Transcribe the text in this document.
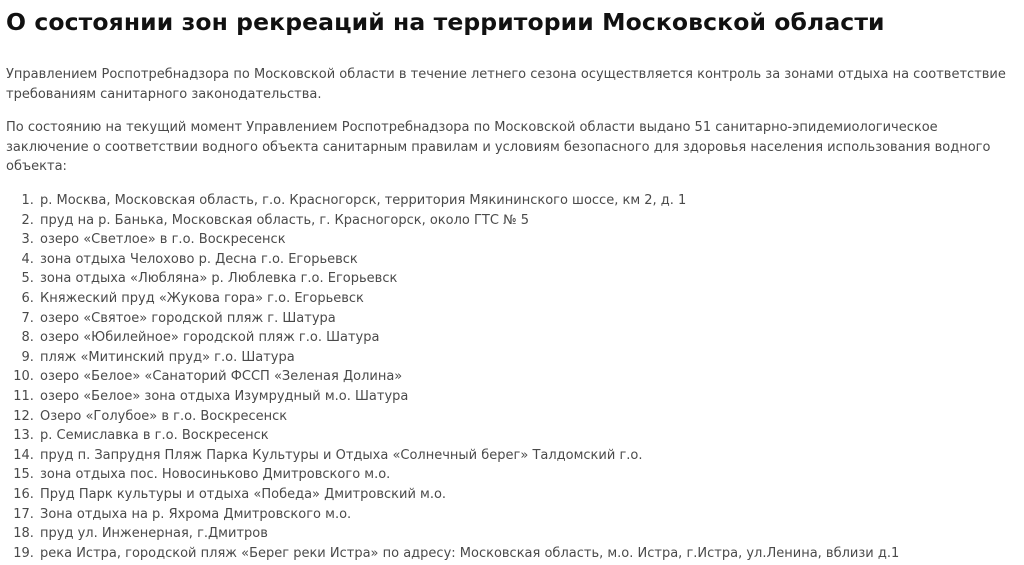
О состоянии зон рекреаций на территории Московской области

Управлением Роспотребнадзора по Московской области в течение летнего сезона осуществляется контроль за зонами отдыха на соответствие требованиям санитарного законодательства.

По состоянию на текущий момент Управлением Роспотребнадзора по Московской области выдано 51 санитарно-эпидемиологическое заключение о соответствии водного объекта санитарным правилам и условиям безопасного для здоровья населения использования водного объекта:

1. р. Москва, Московская область, г.о. Красногорск, территория Мякининского шоссе, км 2, д. 1
2. пруд на р. Банька, Московская область, г. Красногорск, около ГТС № 5
3. озеро «Светлое» в г.о. Воскресенск
4. зона отдыха Челохово р. Десна г.о. Егорьевск
5. зона отдыха «Любляна» р. Люблевка г.о. Егорьевск
6. Княжеский пруд «Жукова гора» г.о. Егорьевск
7. озеро «Святое» городской пляж г. Шатура
8. озеро «Юбилейное» городской пляж г.о. Шатура
9. пляж «Митинский пруд» г.о. Шатура
10. озеро «Белое» «Санаторий ФССП «Зеленая Долина»
11. озеро «Белое» зона отдыха Изумрудный м.о. Шатура
12. Озеро «Голубое» в г.о. Воскресенск
13. р. Семиславка в г.о. Воскресенск
14. пруд п. Запрудня Пляж Парка Культуры и Отдыха «Солнечный берег» Талдомский г.о.
15. зона отдыха пос. Новосиньково Дмитровского м.о.
16. Пруд Парк культуры и отдыха «Победа» Дмитровский м.о.
17. Зона отдыха на р. Яхрома Дмитровского м.о.
18. пруд ул. Инженерная, г.Дмитров
19. река Истра, городской пляж «Берег реки Истра» по адресу: Московская область, м.о. Истра, г.Истра, ул.Ленина, вблизи д.1
